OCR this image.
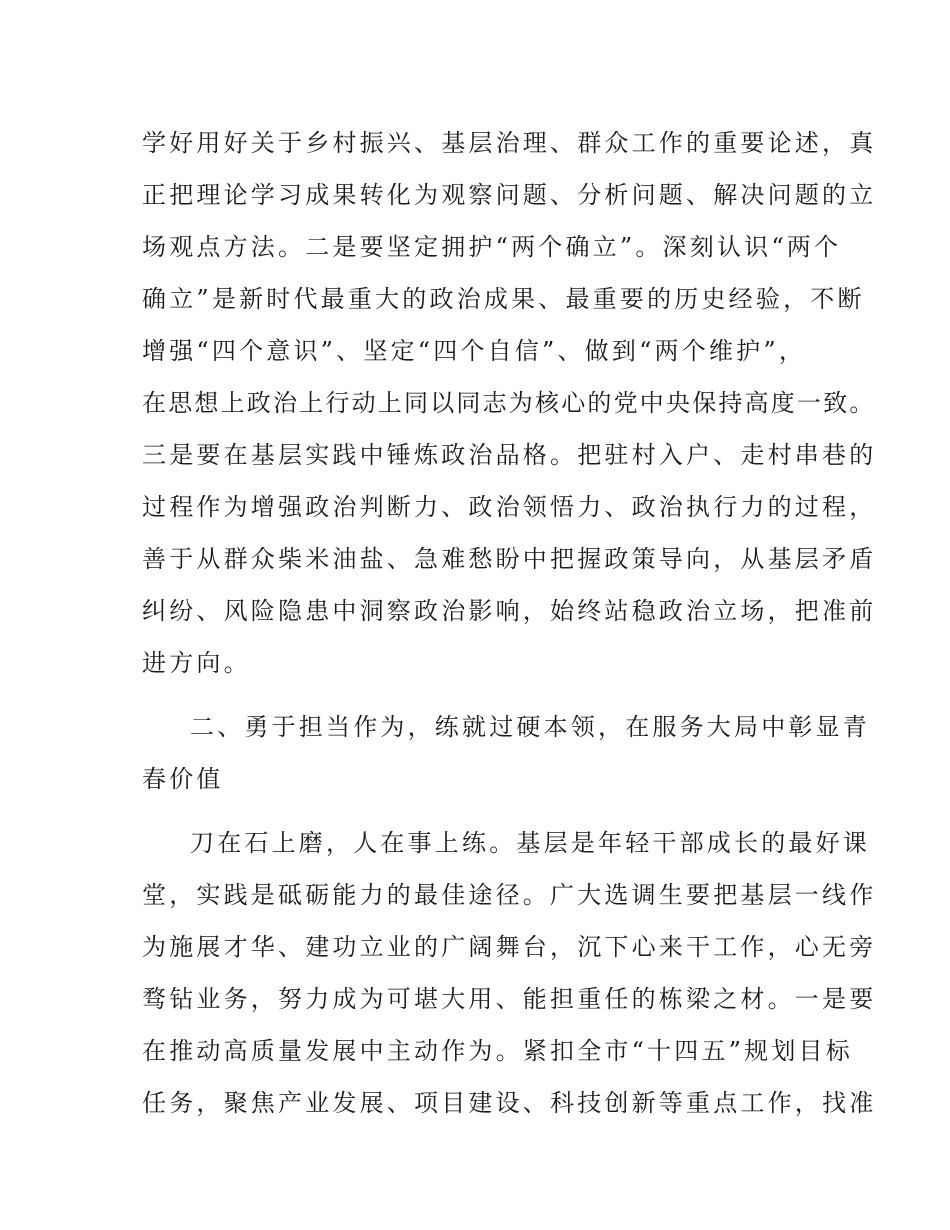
学好用好关于乡村振兴、基层治理、群众工作的重要论述，真
正把理论学习成果转化为观察问题、分析问题、解决问题的立
场观点方法。二是要坚定拥护“两个确立”。深刻认识“两个
确立”是新时代最重大的政治成果、最重要的历史经验，不断
增强“四个意识”、坚定“四个自信”、做到“两个维护”，
在思想上政治上行动上同以同志为核心的党中央保持高度一致。
三是要在基层实践中锤炼政治品格。把驻村入户、走村串巷的
过程作为增强政治判断力、政治领悟力、政治执行力的过程，
善于从群众柴米油盐、急难愁盼中把握政策导向，从基层矛盾
纠纷、风险隐患中洞察政治影响，始终站稳政治立场，把准前
进方向。
二、勇于担当作为，练就过硬本领，在服务大局中彰显青
春价值
刀在石上磨，人在事上练。基层是年轻干部成长的最好课
堂，实践是砥砺能力的最佳途径。广大选调生要把基层一线作
为施展才华、建功立业的广阔舞台，沉下心来干工作，心无旁
骛钻业务，努力成为可堪大用、能担重任的栋梁之材。一是要
在推动高质量发展中主动作为。紧扣全市“十四五”规划目标
任务，聚焦产业发展、项目建设、科技创新等重点工作，找准
